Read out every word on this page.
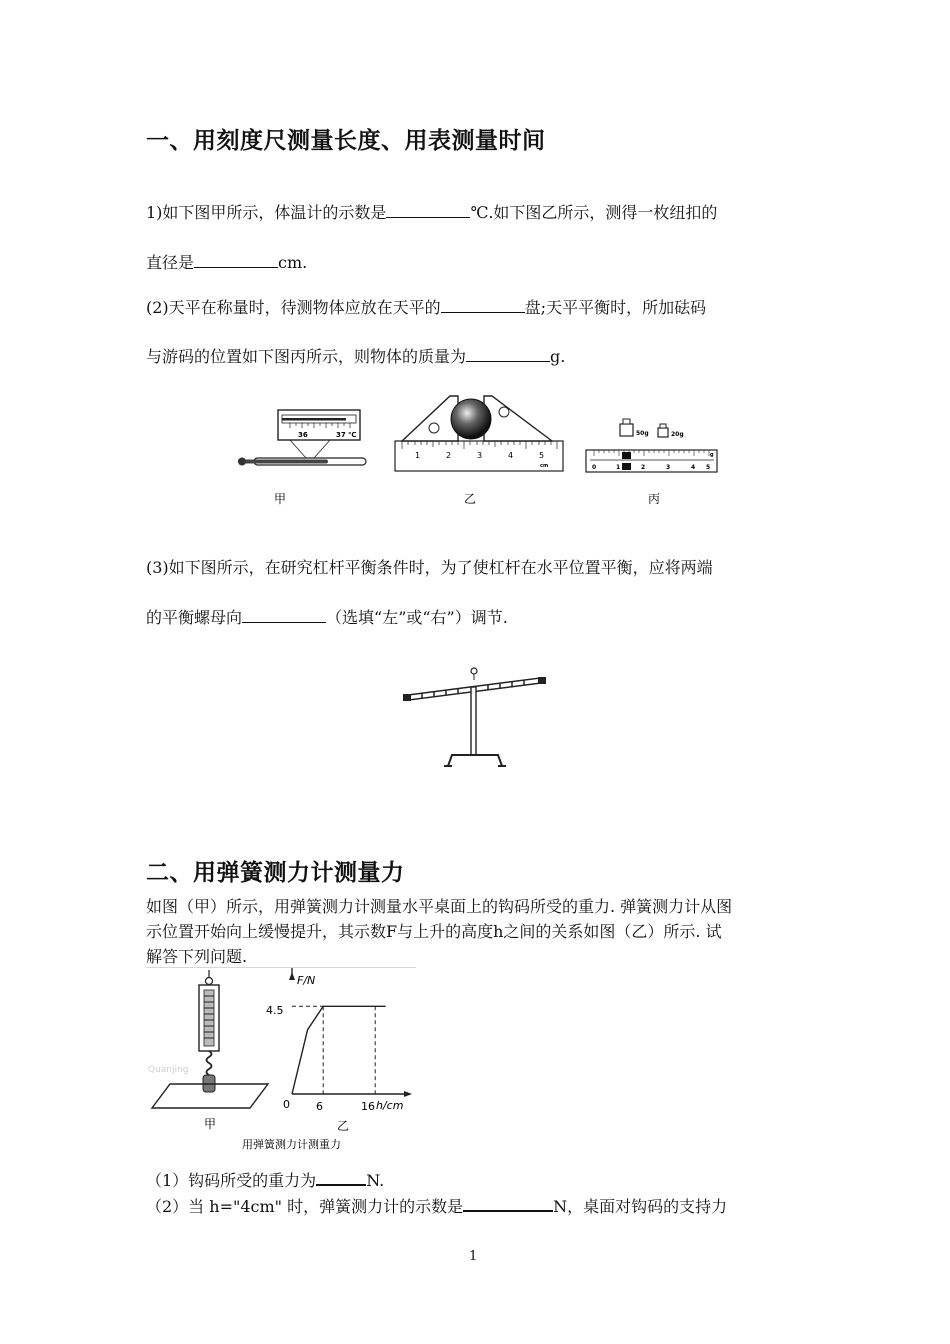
一、用刻度尺测量长度、用表测量时间
1)如下图甲所示，体温计的示数是	℃.如下图乙所示，测得一枚纽扣的
直径是	cm.
(2)天平在称量时，待测物体应放在天平的	盘;天平平衡时，所加砝码
与游码的位置如下图丙所示，则物体的质量为	g.
36	37 ℃
1	2	3	4	5
cm
50g	20g
0	1	2	3	4 5
g
甲	乙	丙
(3)如下图所示，在研究杠杆平衡条件时，为了使杠杆在水平位置平衡，应将两端
的平衡螺母向	（选填“左”或“右”）调节.
二、用弹簧测力计测量力
如图（甲）所示，用弹簧测力计测量水平桌面上的钩码所受的重力. 弹簧测力计从图
示位置开始向上缓慢提升，其示数F与上升的高度h之间的关系如图（乙）所示. 试
解答下列问题.
Quanjing
甲
F/N
h/cm
4.5
0 6	16
乙
用弹簧测力计测重力
（1）钩码所受的重力为	N.
（2）当 h="4cm" 时，弹簧测力计的示数是	N，桌面对钩码的支持力
1
